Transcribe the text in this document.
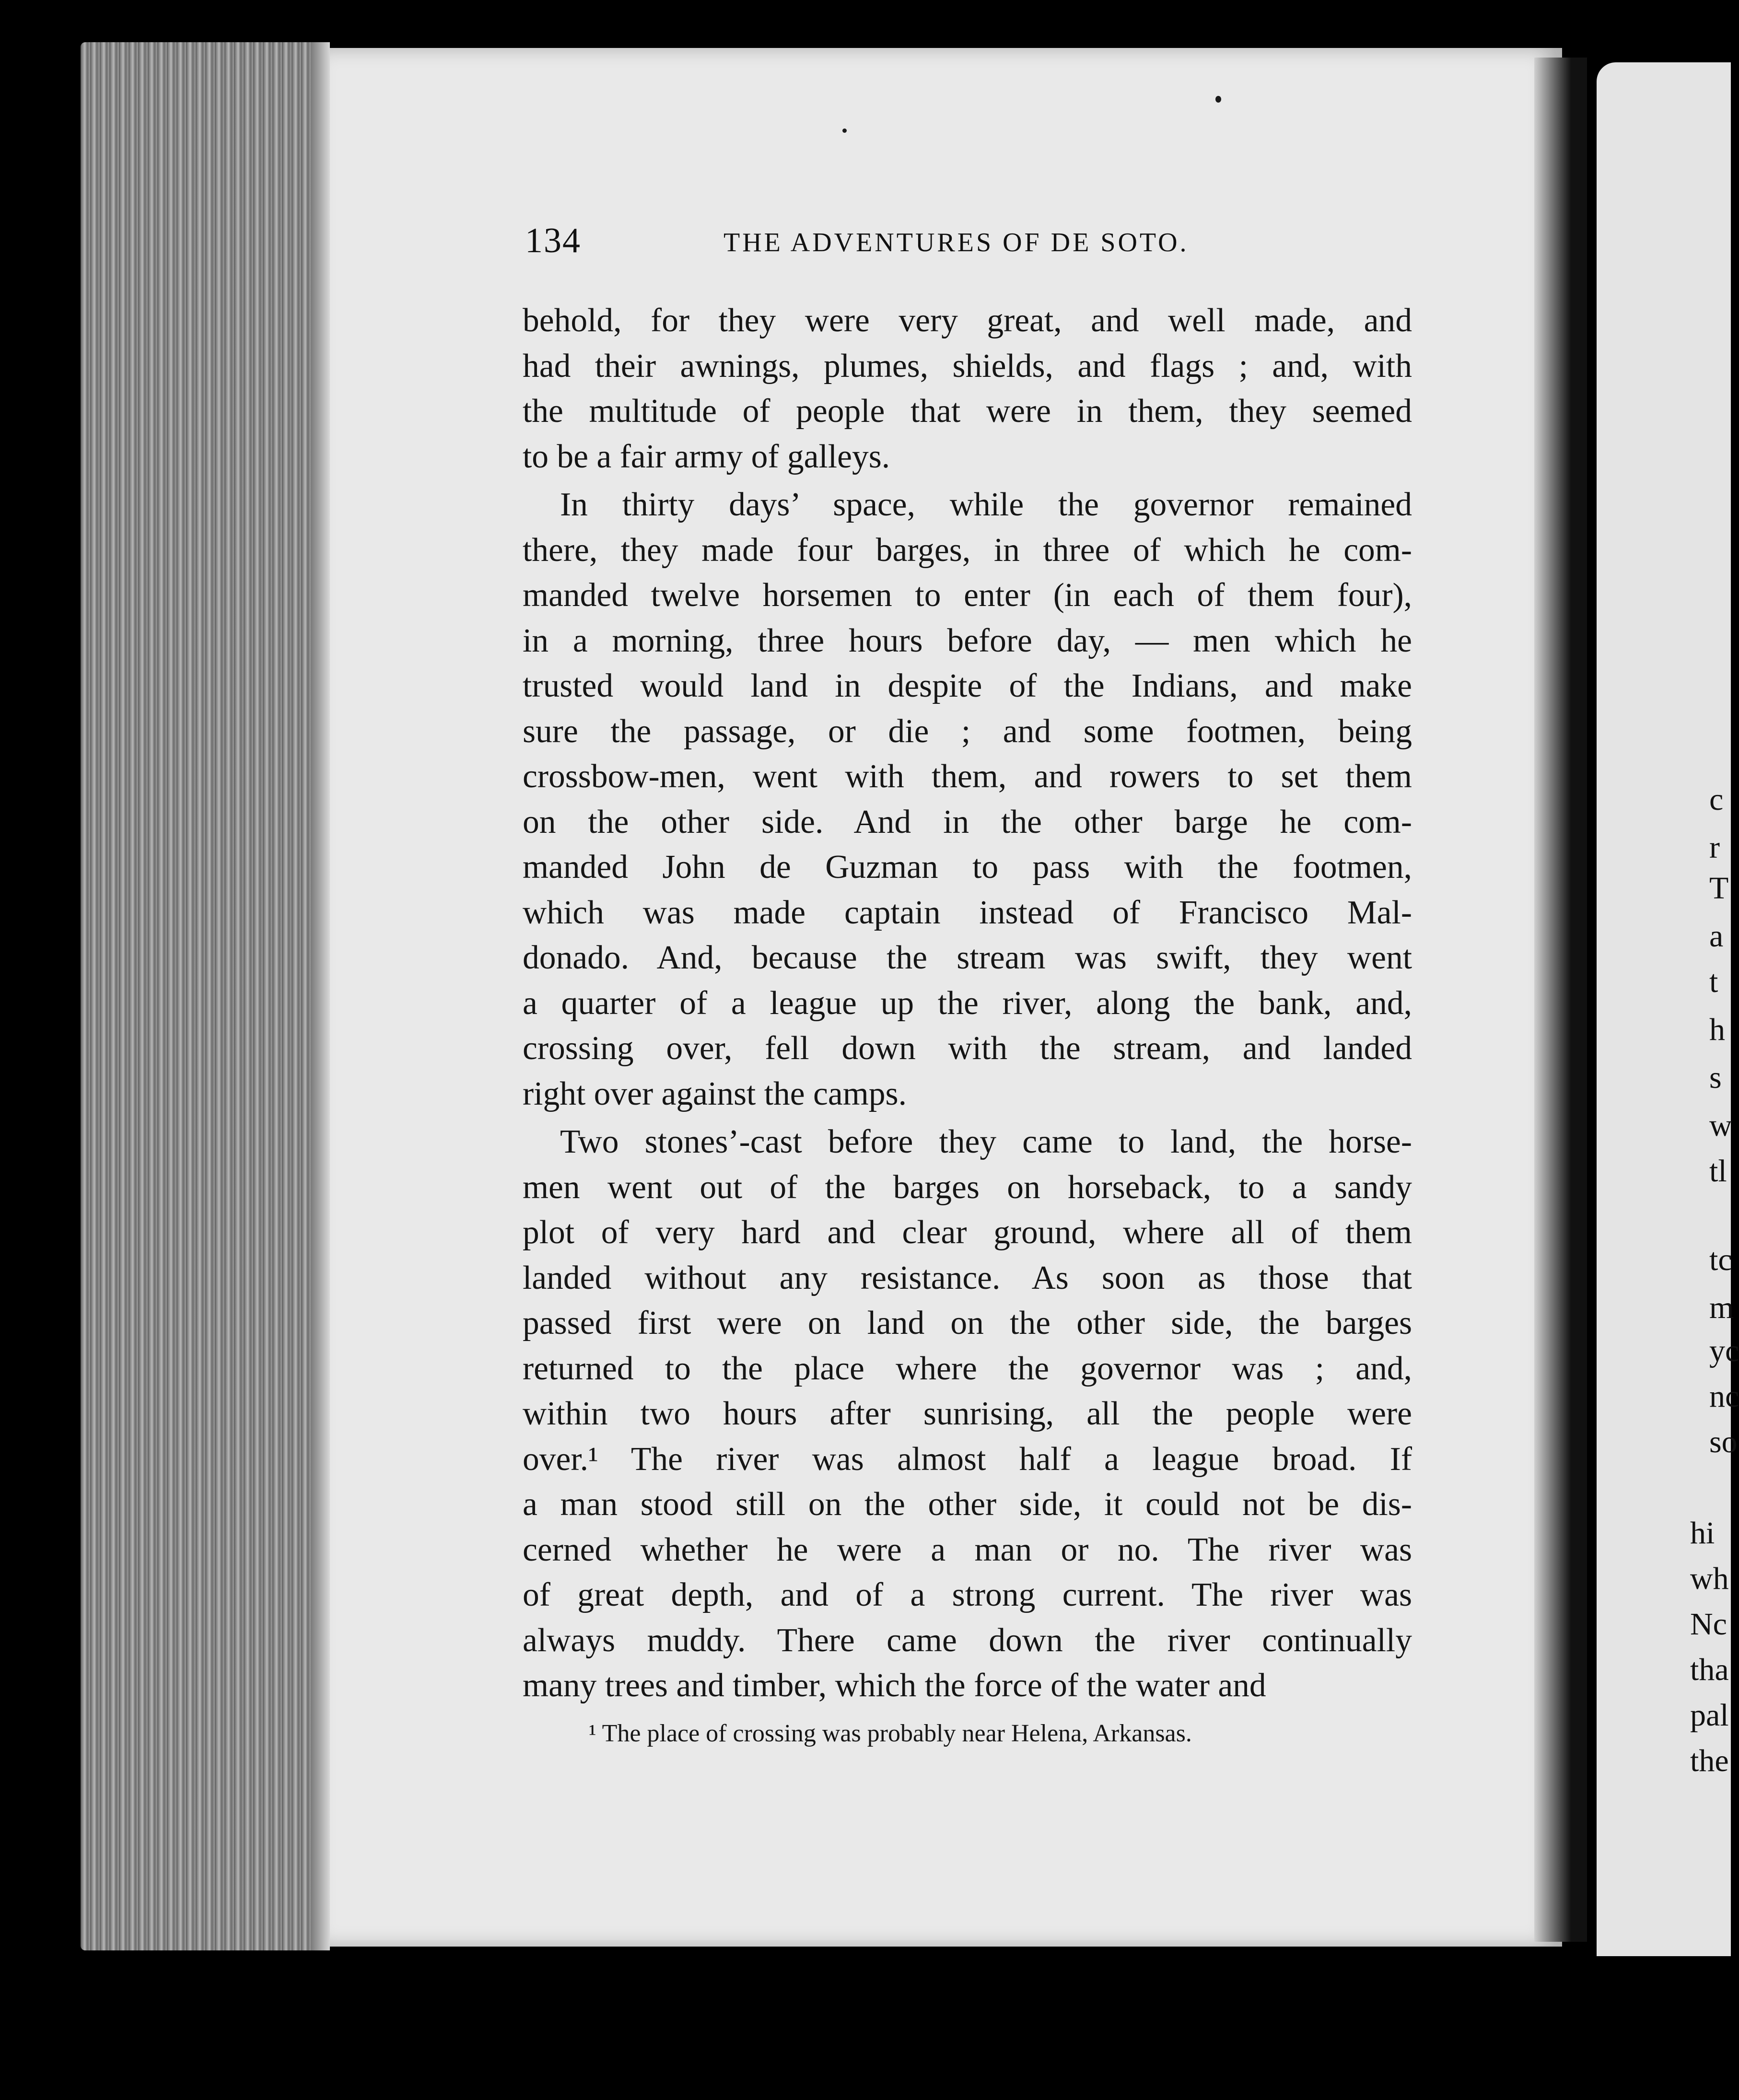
c
r
T
a
t
h
s
w
tl
tc
m
yc
nc
so
hi
wh
Nc
tha
pal
the
134	THE ADVENTURES OF DE SOTO.
behold, for they were very great, and well made, and
had their awnings, plumes, shields, and flags ; and, with
the multitude of people that were in them, they seemed
to be a fair army of galleys.
In thirty days’ space, while the governor remained
there, they made four barges, in three of which he com-
manded twelve horsemen to enter (in each of them four),
in a morning, three hours before day, — men which he
trusted would land in despite of the Indians, and make
sure the passage, or die ; and some footmen, being
crossbow-men, went with them, and rowers to set them
on the other side. And in the other barge he com-
manded John de Guzman to pass with the footmen,
which was made captain instead of Francisco Mal-
donado. And, because the stream was swift, they went
a quarter of a league up the river, along the bank, and,
crossing over, fell down with the stream, and landed
right over against the camps.
Two stones’-cast before they came to land, the horse-
men went out of the barges on horseback, to a sandy
plot of very hard and clear ground, where all of them
landed without any resistance. As soon as those that
passed first were on land on the other side, the barges
returned to the place where the governor was ; and,
within two hours after sunrising, all the people were
over.¹ The river was almost half a league broad. If
a man stood still on the other side, it could not be dis-
cerned whether he were a man or no. The river was
of great depth, and of a strong current. The river was
always muddy. There came down the river continually
many trees and timber, which the force of the water and
¹ The place of crossing was probably near Helena, Arkansas.
